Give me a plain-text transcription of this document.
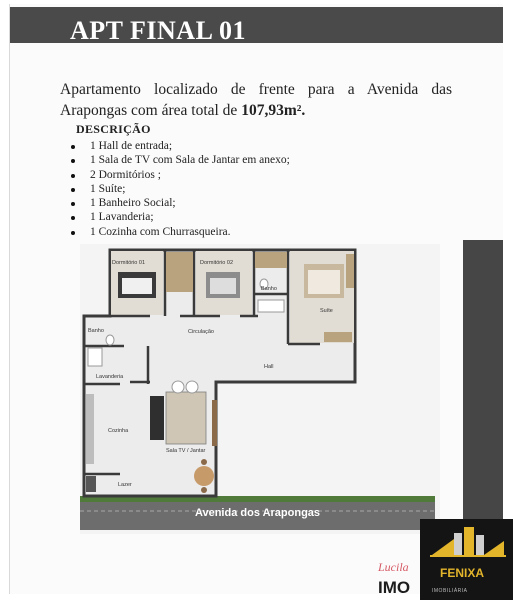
APT FINAL 01

Apartamento localizado de frente para a Avenida das Arapongas com área total de 107,93m².

DESCRIÇÃO
1 Hall de entrada;
1 Sala de TV com Sala de Jantar em anexo;
2 Dormitórios ;
1 Suíte;
1 Banheiro Social;
1 Lavanderia;
1 Cozinha com Churrasqueira.
Dormitório 01	Dormitório 02
Banho
Suíte
Banho	Circulação
Hall
Lavanderia
Cozinha
Sala TV / Jantar
Lazer
Avenida dos Arapongas
Lucila
IMO
FENIXA
IMOBILIÁRIA
